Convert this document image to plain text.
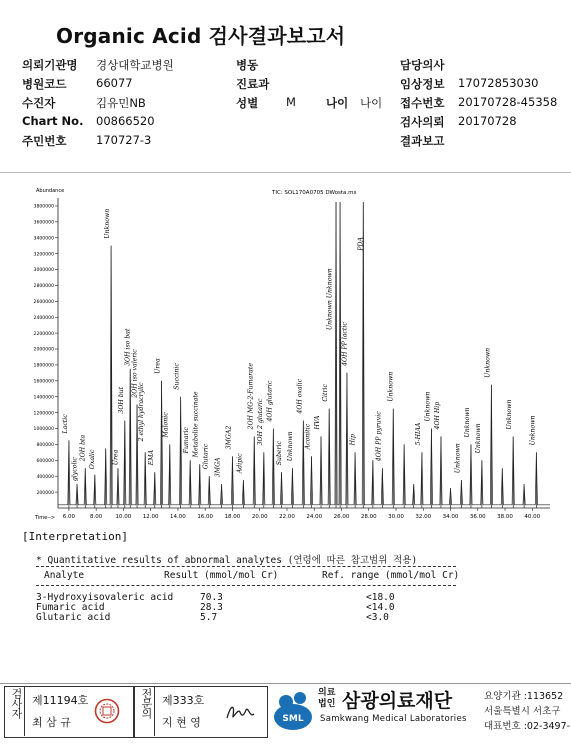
Organic Acid 검사결과보고서
의뢰기관명 경상대학교병원
병원코드	66077
수진자	김유민NB
Chart No. 00866520
주민번호	170727-3
병동
진료과
성별 M	나이 나이
담당의사
임상정보 17072853030
접수번호 20170728-45358
검사의뢰 20170728
결과보고
TIC: SOL170A0705 DWosta.ms
Abundance
Time-->
200000
400000
600000
800000
1000000
1200000
1400000
1600000
1800000
2000000
2200000
2400000
2600000
2800000
3000000
3200000
3400000
3600000
3800000
6.00	8.00 10.00 12.00 14.00 16.00 18.00 20.00 22.00 24.00 26.00 28.00 30.00 32.00 34.00 36.00 38.00 40.00
Lactic
glycolic
2OH bta Oxalic
Unknown
Urea
3OH but
3OH iso bat
2OH iso valeric
2 ethyl hydracrylic
EMA
Urea
Malonic
Succinic
Fumaric Metabolite succinate Glutaric 3MGA
3MGA2
Adipic
2OH MG-2-Fumarate 3OH 2 glutaric 4OH glutaric
Suberic Unknown
4OH oxalic
Aconitic
HVA
Citric
Unknown Unknown
4OH PP lactic
Hip
PDA
4OH PP pyruvic
Unknown
5-HIAA
Unknown 4OH Hip
Unknown
Unknown
Unknown
Unknown
Unknown
Unknown
[Interpretation]
* Quantitative results of abnormal analytes (연령에 따른 참고범위 적용)
Analyte	Result (mmol/mol Cr)	Ref. range (mmol/mol Cr)
3-Hydroxyisovaleric acid	70.3	<18.0
Fumaric acid	28.3	<14.0
Glutaric acid	5.7	<3.0
검사자 제11194호
최 삼 규
전문의 제333호
지 현 영	SML
의료법인 삼광의료재단
Samkwang Medical Laboratories
요양기관 :113652
서울특별시 서초구
대표번호 :02-3497-
